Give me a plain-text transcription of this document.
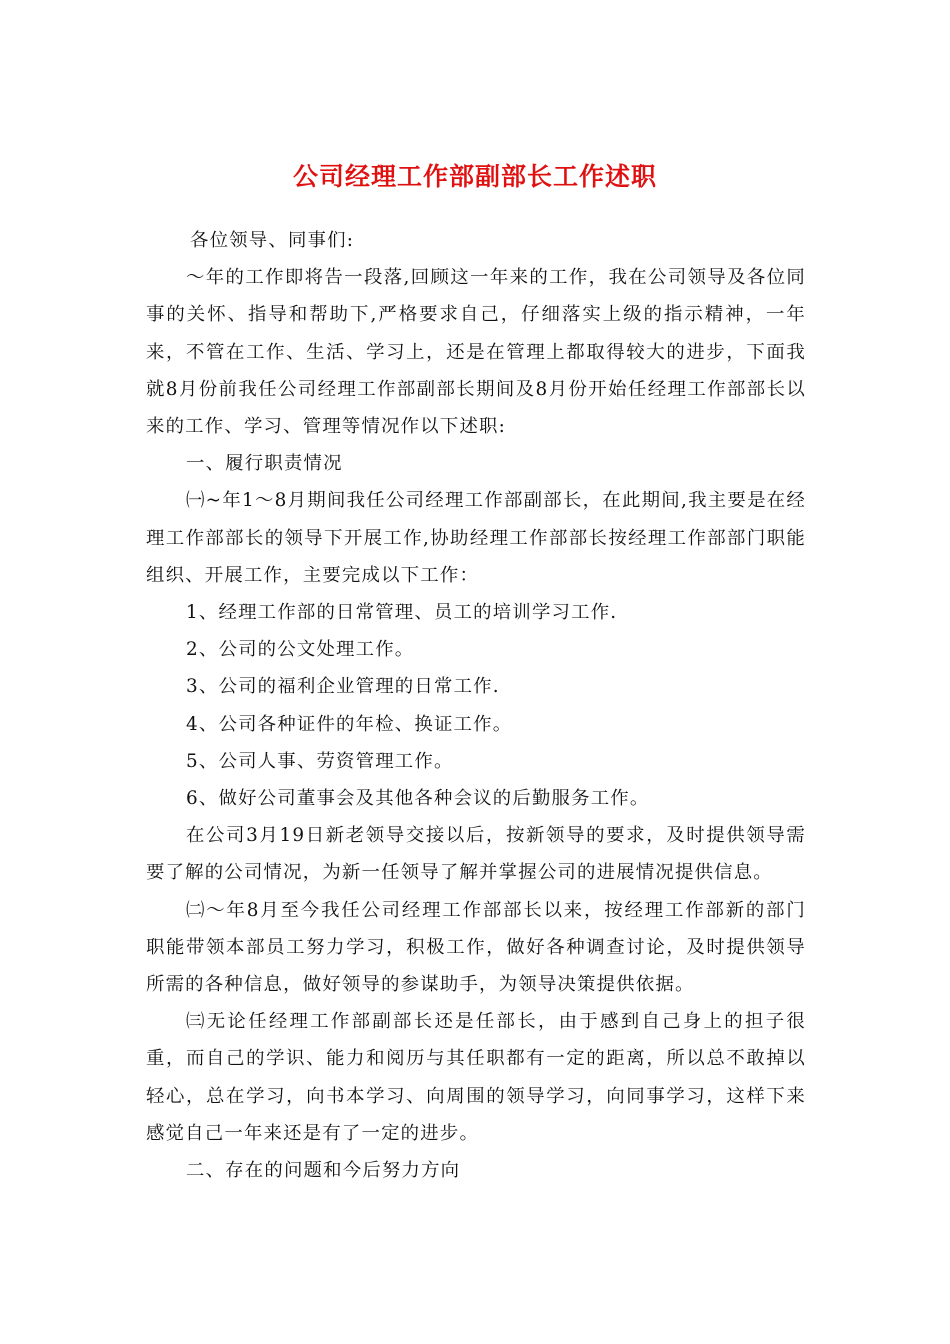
公司经理工作部副部长工作述职

各位领导、同事们:

～年的工作即将告一段落,回顾这一年来的工作，我在公司领导及各位同事的关怀、指导和帮助下,严格要求自己，仔细落实上级的指示精神，一年来，不管在工作、生活、学习上，还是在管理上都取得较大的进步，下面我就8月份前我任公司经理工作部副部长期间及8月份开始任经理工作部部长以来的工作、学习、管理等情况作以下述职:

一、履行职责情况

㈠~年1～8月期间我任公司经理工作部副部长，在此期间,我主要是在经理工作部部长的领导下开展工作,协助经理工作部部长按经理工作部部门职能组织、开展工作，主要完成以下工作：

1、经理工作部的日常管理、员工的培训学习工作.

2、公司的公文处理工作。

3、公司的福利企业管理的日常工作.

4、公司各种证件的年检、换证工作。

5、公司人事、劳资管理工作。

6、做好公司董事会及其他各种会议的后勤服务工作。

在公司3月19日新老领导交接以后，按新领导的要求，及时提供领导需要了解的公司情况，为新一任领导了解并掌握公司的进展情况提供信息。

㈡～年8月至今我任公司经理工作部部长以来，按经理工作部新的部门职能带领本部员工努力学习，积极工作，做好各种调查讨论，及时提供领导所需的各种信息，做好领导的参谋助手，为领导决策提供依据。

㈢无论任经理工作部副部长还是任部长，由于感到自己身上的担子很重，而自己的学识、能力和阅历与其任职都有一定的距离，所以总不敢掉以轻心，总在学习，向书本学习、向周围的领导学习，向同事学习，这样下来感觉自己一年来还是有了一定的进步。

二、存在的问题和今后努力方向
